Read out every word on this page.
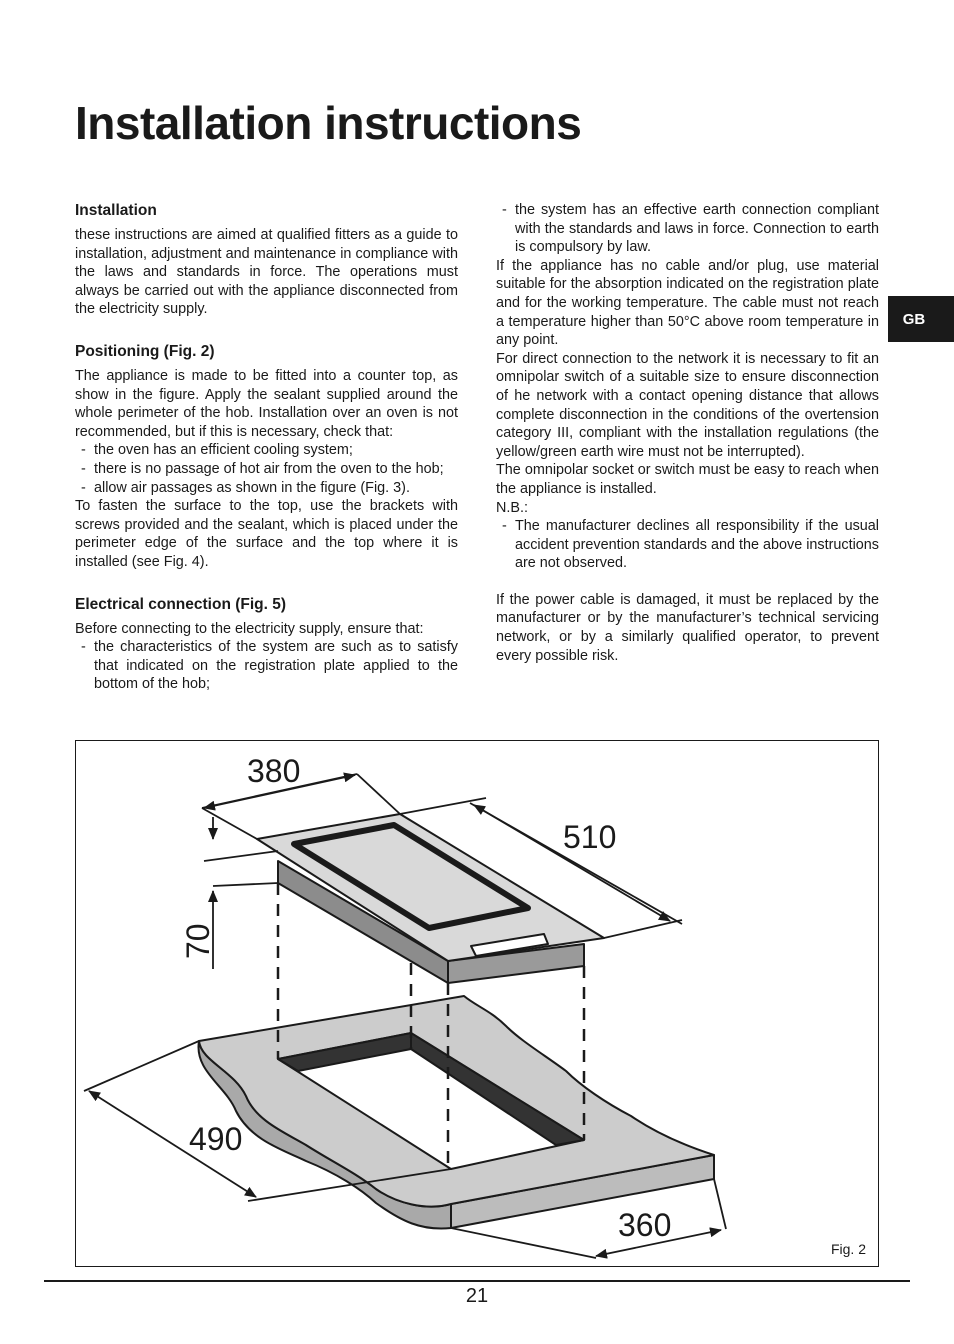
Installation instructions
GB
Installation

these instructions are aimed at qualified fitters as a guide to installation, adjustment and maintenance in compliance with the laws and standards in force. The operations must always be carried out with the appliance disconnected from the electricity supply.

Positioning (Fig. 2)

The appliance is made to be fitted into a counter top, as show in the figure. Apply the sealant supplied around the whole perimeter of the hob. Installation over an oven is not recommended, but if this is necessary, check that:

- the oven has an efficient cooling system;
- there is no passage of hot air from the oven to the hob;
- allow air passages as shown in the figure (Fig. 3).

To fasten the surface to the top, use the brackets with screws provided and the sealant, which is placed under the perimeter edge of the surface and the top where it is installed (see Fig. 4).

Electrical connection (Fig. 5)

Before connecting to the electricity supply, ensure that:

- the characteristics of the system are such as to satisfy that indicated on the registration plate applied to the bottom of the hob;
- the system has an effective earth connection compliant with the standards and laws in force. Connection to earth is compulsory by law.

If the appliance has no cable and/or plug, use material suitable for the absorption indicated on the registration plate and for the working temperature. The cable must not reach a temperature higher than 50°C above room temperature in any point.

For direct connection to the network it is necessary to fit an omnipolar switch of a suitable size to ensure disconnection of he network with a contact opening distance that allows complete disconnection in the conditions of the overtension category III, compliant with the installation regulations (the yellow/green earth wire must not be interrupted).

The omnipolar socket or switch must be easy to reach when the appliance is installed.

N.B.:

- The manufacturer declines all responsibility if the usual accident prevention standards and the above instructions are not observed.

If the power cable is damaged, it must be replaced by the manufacturer or by the manufacturer’s technical servicing network, or by a similarly qualified operator, to prevent every possible risk.

380
510
70
490
360
Fig. 2
21
